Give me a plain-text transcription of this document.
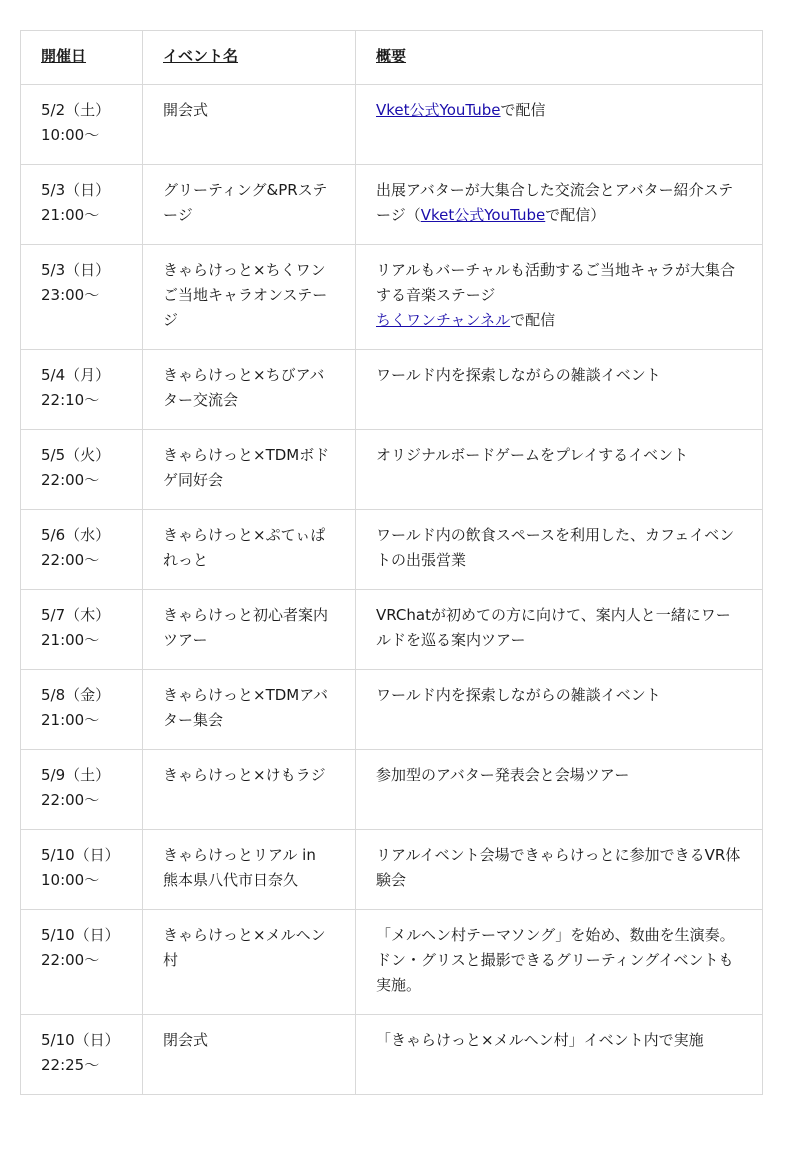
開催日	イベント名	概要

5/2（土）
10:00〜	開会式	Vket公式YouTubeで配信

5/3（日）
21:00〜	グリーティング&PRステージ	出展アバターが大集合した交流会とアバター紹介ステージ（Vket公式YouTubeで配信）

5/3（日）
23:00〜	きゃらけっと×ちくワン ご当地キャラオンステージ	リアルもバーチャルも活動するご当地キャラが大集合する音楽ステージ
ちくワンチャンネルで配信

5/4（月）
22:10〜	きゃらけっと×ちびアバター交流会	ワールド内を探索しながらの雑談イベント

5/5（火）
22:00〜	きゃらけっと×TDMボドゲ同好会	オリジナルボードゲームをプレイするイベント

5/6（水）
22:00〜	きゃらけっと×ぷてぃぱれっと	ワールド内の飲食スペースを利用した、カフェイベントの出張営業

5/7（木）
21:00〜	きゃらけっと初心者案内ツアー	VRChatが初めての方に向けて、案内人と一緒にワールドを巡る案内ツアー

5/8（金）
21:00〜	きゃらけっと×TDMアバター集会	ワールド内を探索しながらの雑談イベント

5/9（土）
22:00〜	きゃらけっと×けもラジ	参加型のアバター発表会と会場ツアー

5/10（日）
10:00〜	きゃらけっとリアル in 熊本県八代市日奈久	リアルイベント会場できゃらけっとに参加できるVR体験会

5/10（日）
22:00〜	きゃらけっと×メルヘン村	「メルヘン村テーマソング」を始め、数曲を生演奏。ドン・グリスと撮影できるグリーティングイベントも実施。

5/10（日）
22:25〜	閉会式	「きゃらけっと×メルヘン村」イベント内で実施
